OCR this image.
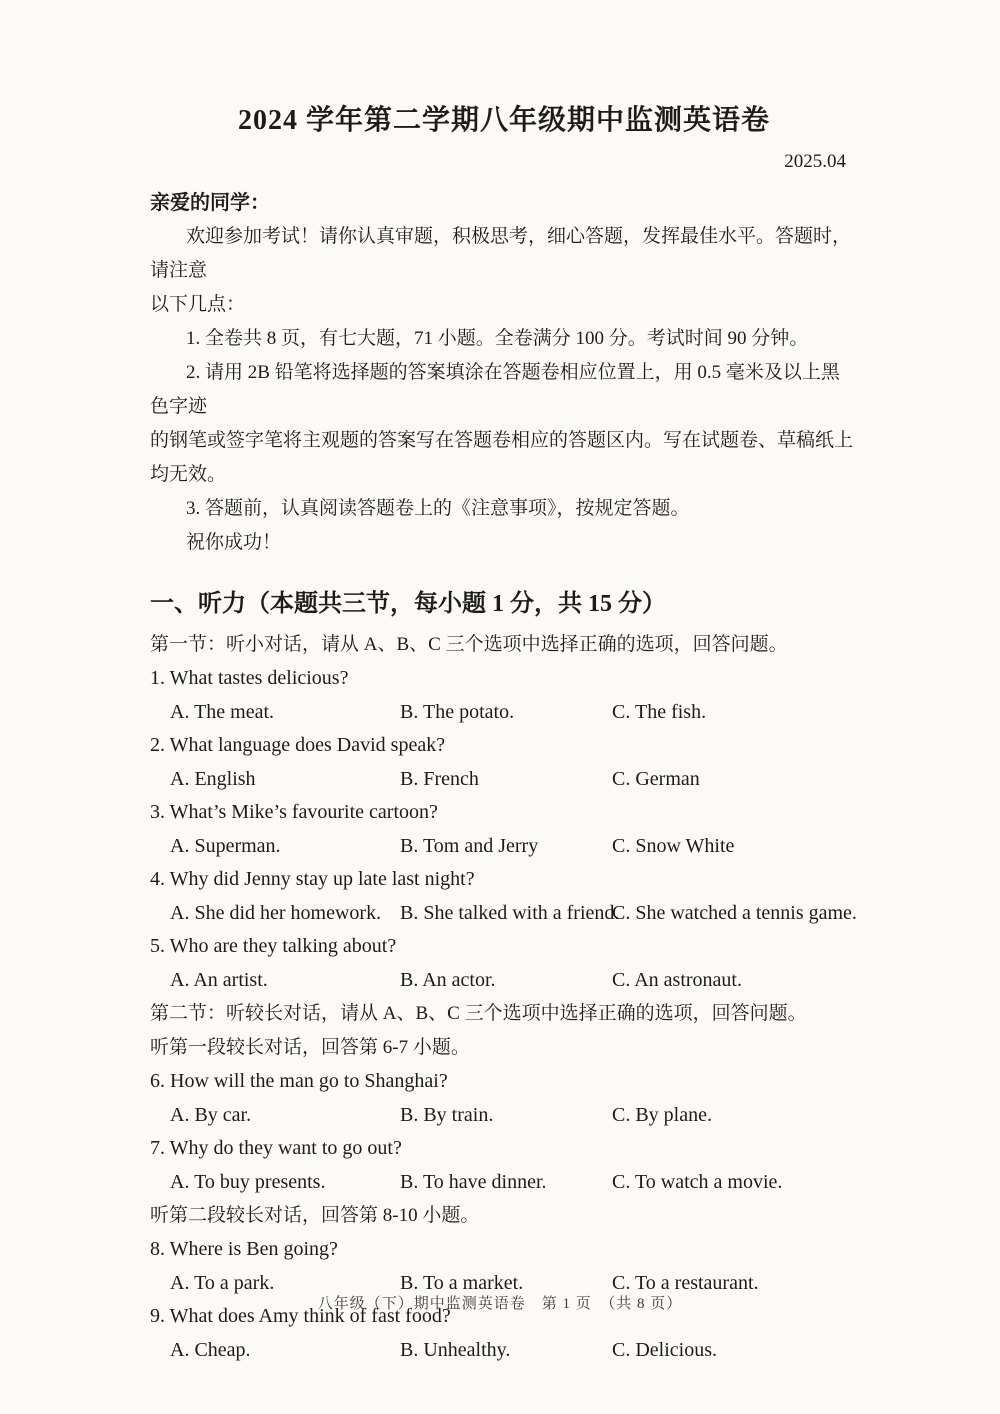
2024 学年第二学期八年级期中监测英语卷
2025.04
亲爱的同学：

欢迎参加考试！请你认真审题，积极思考，细心答题，发挥最佳水平。答题时，请注意

以下几点：

1. 全卷共 8 页，有七大题，71 小题。全卷满分 100 分。考试时间 90 分钟。

2. 请用 2B 铅笔将选择题的答案填涂在答题卷相应位置上，用 0.5 毫米及以上黑色字迹

的钢笔或签字笔将主观题的答案写在答题卷相应的答题区内。写在试题卷、草稿纸上均无效。

3. 答题前，认真阅读答题卷上的《注意事项》，按规定答题。

祝你成功！

一、听力（本题共三节，每小题 1 分，共 15 分）
第一节：听小对话，请从 A、B、C 三个选项中选择正确的选项，回答问题。
1. What tastes delicious?
A. The meat.	B. The potato.	C. The fish.
2. What language does David speak?
A. English	B. French	C. German
3. What’s Mike’s favourite cartoon?
A. Superman.	B. Tom and Jerry	C. Snow White
4. Why did Jenny stay up late last night?
A. She did her homework. B. She talked with a friend.
C. She watched a tennis game.
5. Who are they talking about?
A. An artist.	B. An actor.	C. An astronaut.
第二节：听较长对话，请从 A、B、C 三个选项中选择正确的选项，回答问题。
听第一段较长对话，回答第 6-7 小题。
6. How will the man go to Shanghai?
A. By car.	B. By train.	C. By plane.
7. Why do they want to go out?
A. To buy presents.	B. To have dinner.	C. To watch a movie.
听第二段较长对话，回答第 8-10 小题。
8. Where is Ben going?
A. To a park.	B. To a market.	C. To a restaurant.
9. What does Amy think of fast food?
A. Cheap.	B. Unhealthy.	C. Delicious.
八年级（下）期中监测英语卷　第 1 页　（共 8 页）
